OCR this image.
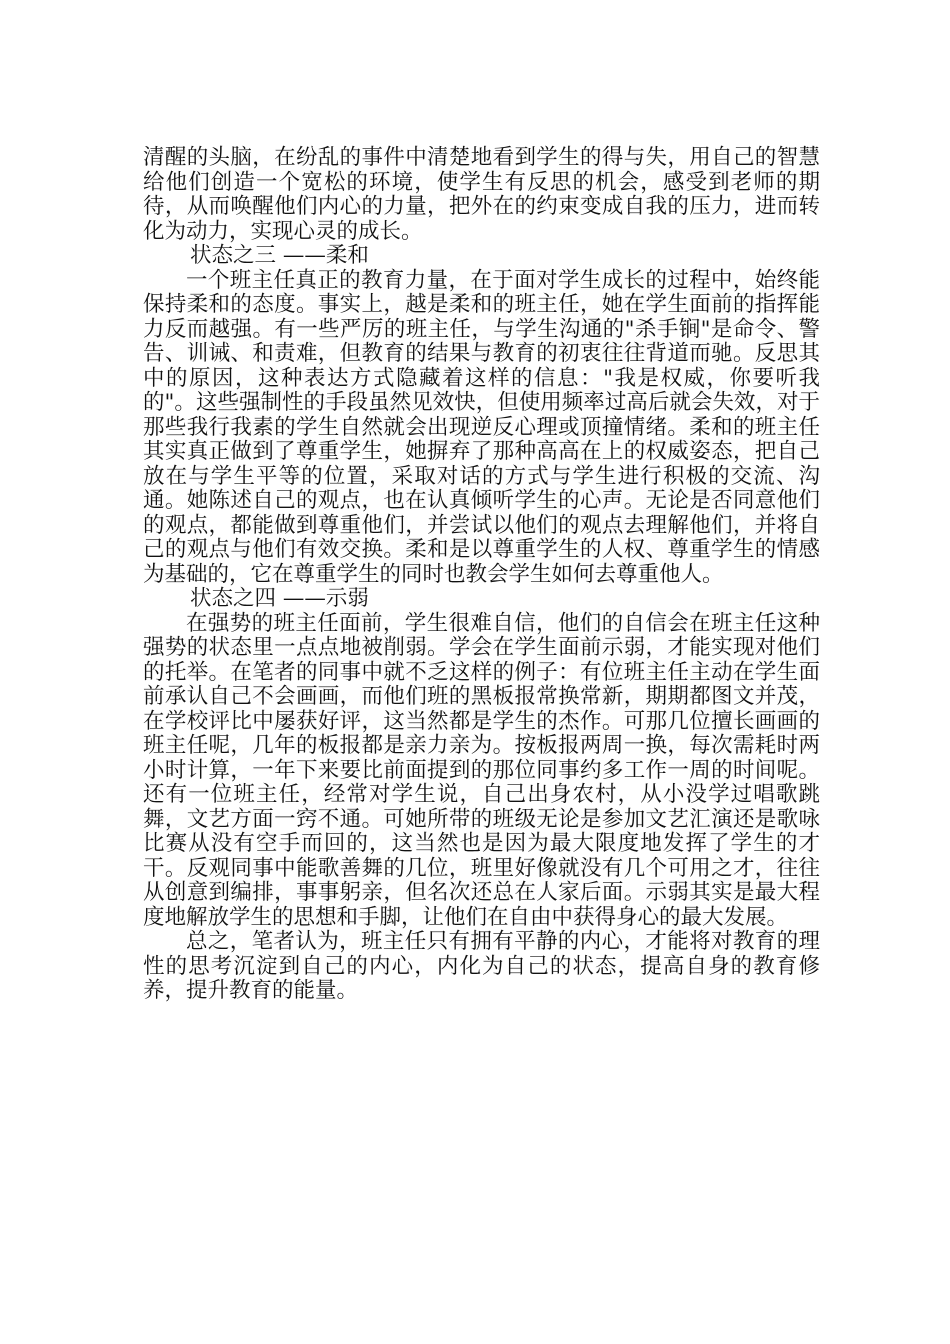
清醒的头脑，在纷乱的事件中清楚地看到学生的得与失，用自己的智慧给他们创造一个宽松的环境，使学生有反思的机会，感受到老师的期待，从而唤醒他们内心的力量，把外在的约束变成自我的压力，进而转化为动力，实现心灵的成长。

状态之三 ——柔和

一个班主任真正的教育力量，在于面对学生成长的过程中，始终能保持柔和的态度。事实上，越是柔和的班主任，她在学生面前的指挥能力反而越强。有一些严厉的班主任，与学生沟通的"杀手锏"是命令、警告、训诫、和责难，但教育的结果与教育的初衷往往背道而驰。反思其中的原因，这种表达方式隐藏着这样的信息："我是权威，你要听我的"。这些强制性的手段虽然见效快，但使用频率过高后就会失效，对于那些我行我素的学生自然就会出现逆反心理或顶撞情绪。柔和的班主任其实真正做到了尊重学生，她摒弃了那种高高在上的权威姿态，把自己放在与学生平等的位置，采取对话的方式与学生进行积极的交流、沟通。她陈述自己的观点，也在认真倾听学生的心声。无论是否同意他们的观点，都能做到尊重他们，并尝试以他们的观点去理解他们，并将自己的观点与他们有效交换。柔和是以尊重学生的人权、尊重学生的情感为基础的，它在尊重学生的同时也教会学生如何去尊重他人。

状态之四 ——示弱

在强势的班主任面前，学生很难自信，他们的自信会在班主任这种强势的状态里一点点地被削弱。学会在学生面前示弱，才能实现对他们的托举。在笔者的同事中就不乏这样的例子：有位班主任主动在学生面前承认自己不会画画，而他们班的黑板报常换常新，期期都图文并茂，在学校评比中屡获好评，这当然都是学生的杰作。可那几位擅长画画的班主任呢，几年的板报都是亲力亲为。按板报两周一换，每次需耗时两小时计算，一年下来要比前面提到的那位同事约多工作一周的时间呢。还有一位班主任，经常对学生说，自己出身农村，从小没学过唱歌跳舞，文艺方面一窍不通。可她所带的班级无论是参加文艺汇演还是歌咏比赛从没有空手而回的，这当然也是因为最大限度地发挥了学生的才干。反观同事中能歌善舞的几位，班里好像就没有几个可用之才，往往从创意到编排，事事躬亲，但名次还总在人家后面。示弱其实是最大程度地解放学生的思想和手脚，让他们在自由中获得身心的最大发展。

总之，笔者认为，班主任只有拥有平静的内心，才能将对教育的理性的思考沉淀到自己的内心，内化为自己的状态，提高自身的教育修养，提升教育的能量。
